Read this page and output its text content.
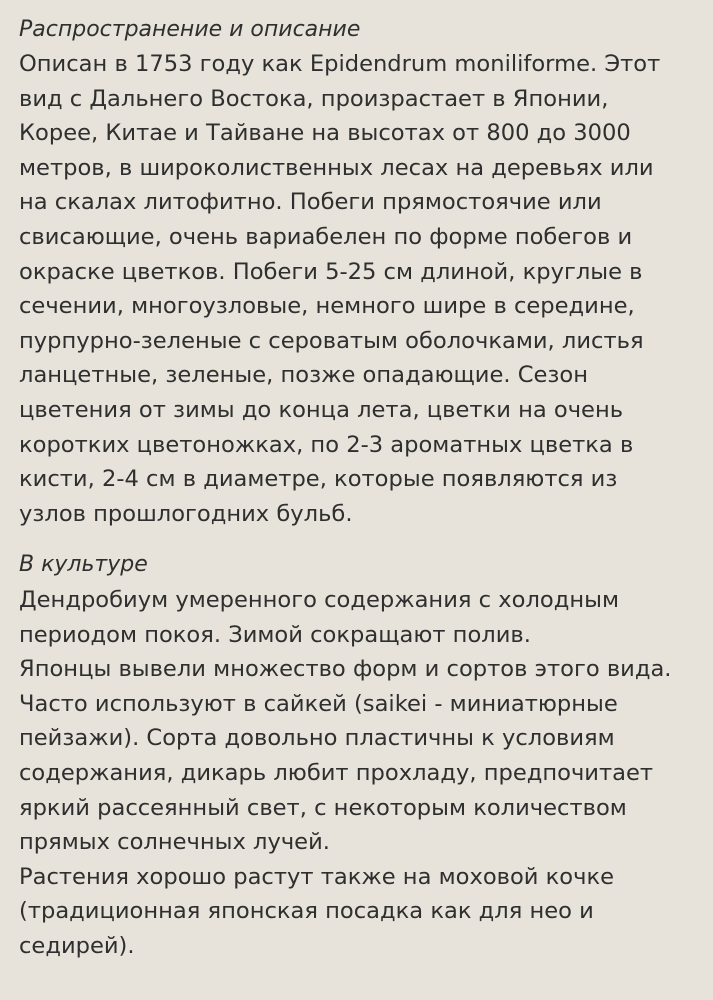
Распространение и описание
Описан в 1753 году как Epidendrum moniliforme. Этот
вид с Дальнего Востока, произрастает в Японии,
Корее, Китае и Тайване на высотах от 800 до 3000
метров, в широколиственных лесах на деревьях или
на скалах литофитно. Побеги прямостоячие или
свисающие, очень вариабелен по форме побегов и
окраске цветков. Побеги 5-25 см длиной, круглые в
сечении, многоузловые, немного шире в середине,
пурпурно-зеленые с сероватым оболочками, листья
ланцетные, зеленые, позже опадающие. Сезон
цветения от зимы до конца лета, цветки на очень
коротких цветоножках, по 2-3 ароматных цветка в
кисти, 2-4 см в диаметре, которые появляются из
узлов прошлогодних бульб.
В культуре
Дендробиум умеренного содержания с холодным
периодом покоя. Зимой сокращают полив.
Японцы вывели множество форм и сортов этого вида.
Часто используют в сайкей (saikei - миниатюрные
пейзажи). Сорта довольно пластичны к условиям
содержания, дикарь любит прохладу, предпочитает
яркий рассеянный свет, с некоторым количеством
прямых солнечных лучей.
Растения хорошо растут также на моховой кочке
(традиционная японская посадка как для нео и
седирей).
